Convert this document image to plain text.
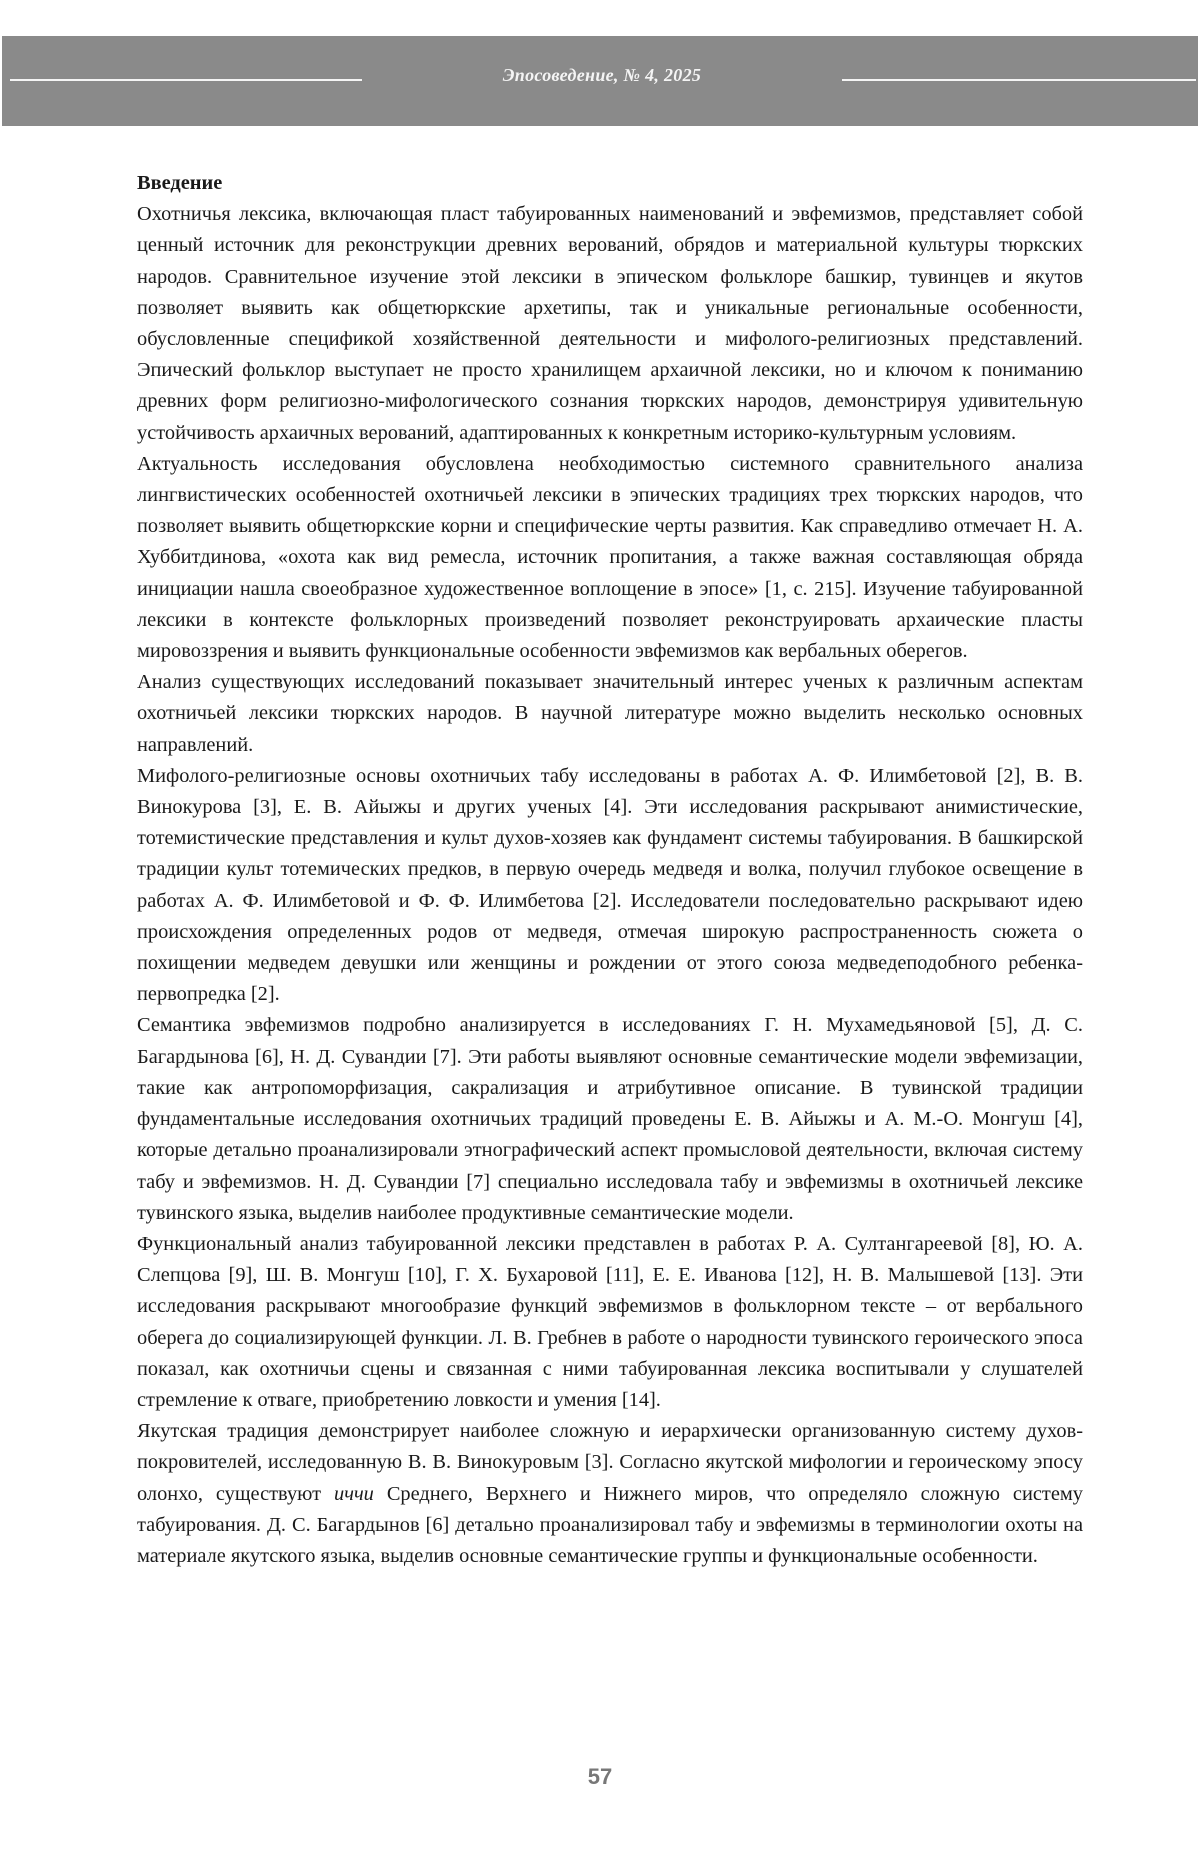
Эпосоведение, № 4, 2025
Введение

Охотничья лексика, включающая пласт табуированных наименований и эвфемизмов, представляет собой ценный источник для реконструкции древних верований, обрядов и материальной культуры тюркских народов. Сравнительное изучение этой лексики в эпическом фольклоре башкир, тувинцев и якутов позволяет выявить как общетюркские архетипы, так и уникальные региональные особенности, обусловленные спецификой хозяйственной деятельности и мифолого-религиозных представлений. Эпический фольклор выступает не просто хранилищем архаичной лексики, но и ключом к пониманию древних форм религиозно-мифологического сознания тюркских народов, демонстрируя удивительную устойчивость архаичных верований, адаптированных к конкретным историко-культурным условиям.

Актуальность исследования обусловлена необходимостью системного сравнительного анализа лингвистических особенностей охотничьей лексики в эпических традициях трех тюркских народов, что позволяет выявить общетюркские корни и специфические черты развития. Как справедливо отмечает Н. А. Хуббитдинова, «охота как вид ремесла, источник пропитания, а также важная составляющая обряда инициации нашла своеобразное художественное воплощение в эпосе» [1, с. 215]. Изучение табуированной лексики в контексте фольклорных произведений позволяет реконструировать архаические пласты мировоззрения и выявить функциональные особенности эвфемизмов как вербальных оберегов.

Анализ существующих исследований показывает значительный интерес ученых к различным аспектам охотничьей лексики тюркских народов. В научной литературе можно выделить несколько основных направлений.

Мифолого-религиозные основы охотничьих табу исследованы в работах А. Ф. Илимбетовой [2], В. В. Винокурова [3], Е. В. Айыжы и других ученых [4]. Эти исследования раскрывают анимистические, тотемистические представления и культ духов-хозяев как фундамент системы табуирования. В башкирской традиции культ тотемических предков, в первую очередь медведя и волка, получил глубокое освещение в работах А. Ф. Илимбетовой и Ф. Ф. Илимбетова [2]. Исследователи последовательно раскрывают идею происхождения определенных родов от медведя, отмечая широкую распространенность сюжета о похищении медведем девушки или женщины и рождении от этого союза медведеподобного ребенка-первопредка [2].

Семантика эвфемизмов подробно анализируется в исследованиях Г. Н. Мухамедьяновой [5], Д. С. Багардынова [6], Н. Д. Сувандии [7]. Эти работы выявляют основные семантические модели эвфемизации, такие как антропоморфизация, сакрализация и атрибутивное описание. В тувинской традиции фундаментальные исследования охотничьих традиций проведены Е. В. Айыжы и А. М.-О. Монгуш [4], которые детально проанализировали этнографический аспект промысловой деятельности, включая систему табу и эвфемизмов. Н. Д. Сувандии [7] специально исследовала табу и эвфемизмы в охотничьей лексике тувинского языка, выделив наиболее продуктивные семантические модели.

Функциональный анализ табуированной лексики представлен в работах Р. А. Султангареевой [8], Ю. А. Слепцова [9], Ш. В. Монгуш [10], Г. Х. Бухаровой [11], Е. Е. Иванова [12], Н. В. Малышевой [13]. Эти исследования раскрывают многообразие функций эвфемизмов в фольклорном тексте – от вербального оберега до социализирующей функции. Л. В. Гребнев в работе о народности тувинского героического эпоса показал, как охотничьи сцены и связанная с ними табуированная лексика воспитывали у слушателей стремление к отваге, приобретению ловкости и умения [14].

Якутская традиция демонстрирует наиболее сложную и иерархически организованную систему духов-покровителей, исследованную В. В. Винокуровым [3]. Согласно якутской мифологии и героическому эпосу олонхо, существуют иччи Среднего, Верхнего и Нижнего миров, что определяло сложную систему табуирования. Д. С. Багардынов [6] детально проанализировал табу и эвфемизмы в терминологии охоты на материале якутского языка, выделив основные семантические группы и функциональные особенности.

57
